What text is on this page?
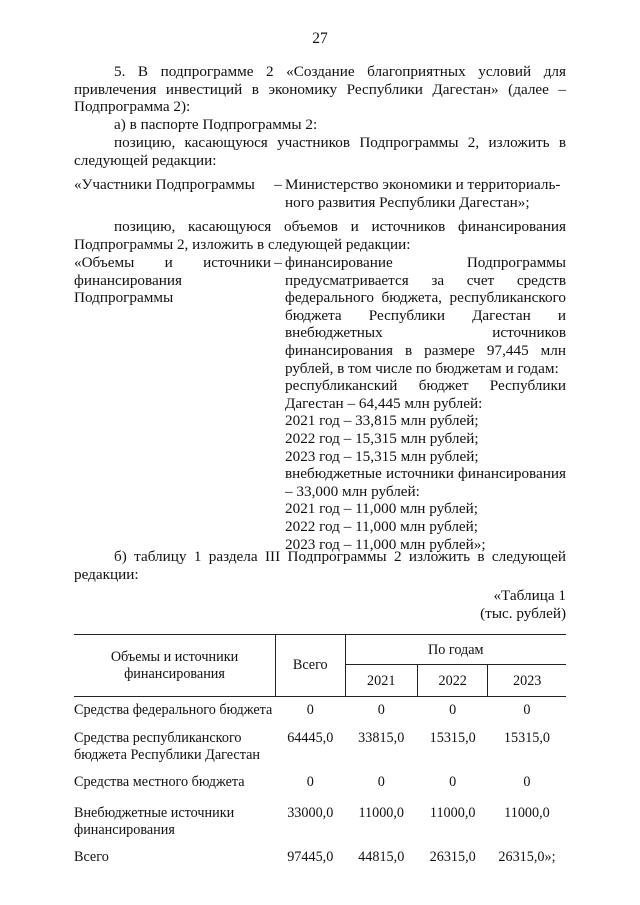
27
5. В подпрограмме 2 «Создание благоприятных условий для привлечения инвестиций в экономику Республики Дагестан» (далее – Подпрограмма 2):
а) в паспорте Подпрограммы 2:
позицию, касающуюся участников Подпрограммы 2, изложить в следующей редакции:
«Участники Подпрограммы	– Министерство экономики и территориаль-
ного развития Республики Дагестан»;
позицию, касающуюся объемов и источников финансирования Подпрограммы 2, изложить в следующей редакции:
«Объемы и источники финансирования Подпрограммы
– финансирование Подпрограммы предусматривается за счет средств федерального бюджета, республиканского бюджета Республики Дагестан и внебюджетных источников финансирования в размере 97,445 млн рублей, в том числе по бюджетам и годам:
республиканский бюджет Республики Дагестан – 64,445 млн рублей:
2021 год – 33,815 млн рублей;
2022 год – 15,315 млн рублей;
2023 год – 15,315 млн рублей;
внебюджетные источники финансирования – 33,000 млн рублей:
2021 год – 11,000 млн рублей;
2022 год – 11,000 млн рублей;
2023 год – 11,000 млн рублей»;
б) таблицу 1 раздела III Подпрограммы 2 изложить в следующей редакции:
«Таблица 1
(тыс. рублей)
Объемы и источники финансирования	Всего	По годам		
		2021	2022	2023
Средства федерального бюджета	0	0	0	0
Средства республиканского бюджета Республики Дагестан	64445,0	33815,0	15315,0	15315,0
Средства местного бюджета	0	0	0	0
Внебюджетные источники финансирования	33000,0	11000,0	11000,0	11000,0
Всего	97445,0	44815,0	26315,0	26315,0»;
